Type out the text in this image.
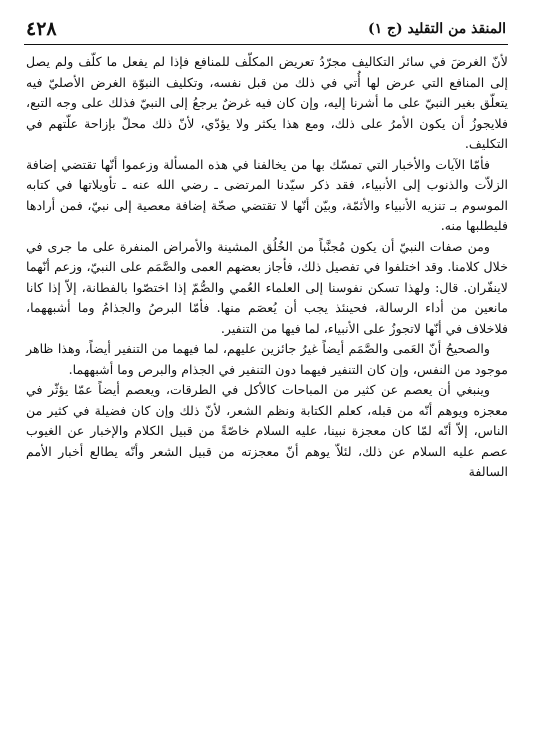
المنقذ من التقليد (ج ١)
٤٢٨

لأنّ الغرضَ في سائر التكاليف مجرّدُ تعريض المكلّف للمنافع فإذا لم يفعل ما كلّف ولم يصل إلى المنافع التي عرض لها أُتي في ذلك من قبل نفسه، وتكليف النبوّة الغرض الأصليّ فيه يتعلّق بغير النبيّ على ما أشرنا إليه، وإن كان فيه غرضٌ يرجعُ إلى النبيّ فذلك على وجه التبع، فلايجوزُ أن يكون الأمرُ على ذلك، ومع هذا يكثر ولا يؤدّي، لأنّ ذلك محلّ بإزاحة علّتهم في التكليف.

فأمّا الآيات والأخبار التي تمسّك بها من يخالفنا في هذه المسألة وزعموا أنّها تقتضي إضافة الزلاّت والذنوب إلى الأنبياء، فقد ذكر سيّدنا المرتضى ـ رضي الله عنه ـ تأويلاتها في كتابه الموسوم بـ تنزيه الأنبياء والأئمّة، وبيّن أنّها لا تقتضي صحّة إضافة معصية إلى نبيّ، فمن أرادها فليطلبها منه.

ومن صفات النبيّ أن يكون مُجنَّباً من الخُلُق المشينة والأمراض المنفرة على ما جرى في خلال كلامنا. وقد اختلفوا في تفصيل ذلك، فأجاز بعضهم العمى والصَّمَم على النبيّ، وزعم أنّهما لاينفّران. قال: ولهذا تسكن نفوسنا إلى العلماء العُمي والصُّمّ إذا اختصّوا بالفطانة، إلاّ إذا كانا مانعين من أداء الرسالة، فحينئذ يجب أن يُعصَم منها. فأمّا البرصُ والجذامُ وما أشبههما، فلاخلاف في أنّها لاتجوزُ على الأنبياء، لما فيها من التنفير.

والصحيحُ أنّ العَمى والصَّمَم أيضاً غيرُ جائزين عليهم، لما فيهما من التنفير أيضاً، وهذا ظاهر موجود من النفس، وإن كان التنفير فيهما دون التنفير في الجذام والبرص وما أشبههما.

وينبغي أن يعصم عن كثير من المباحات كالأكل في الطرقات، ويعصم أيضاً عمّا يؤثّر في معجزه ويوهم أنّه من قبله، كعلم الكتابة ونظم الشعر، لأنّ ذلك وإن كان فضيلة في كثير من الناس، إلاّ أنّه لمّا كان معجزة نبينا، عليه السلام خاصّةً من قبيل الكلام والإخبار عن الغيوب عصم عليه السلام عن ذلك، لئلاّ يوهم أنّ معجزته من قبيل الشعر وأنّه يطالع أخبار الأمم السالفة
